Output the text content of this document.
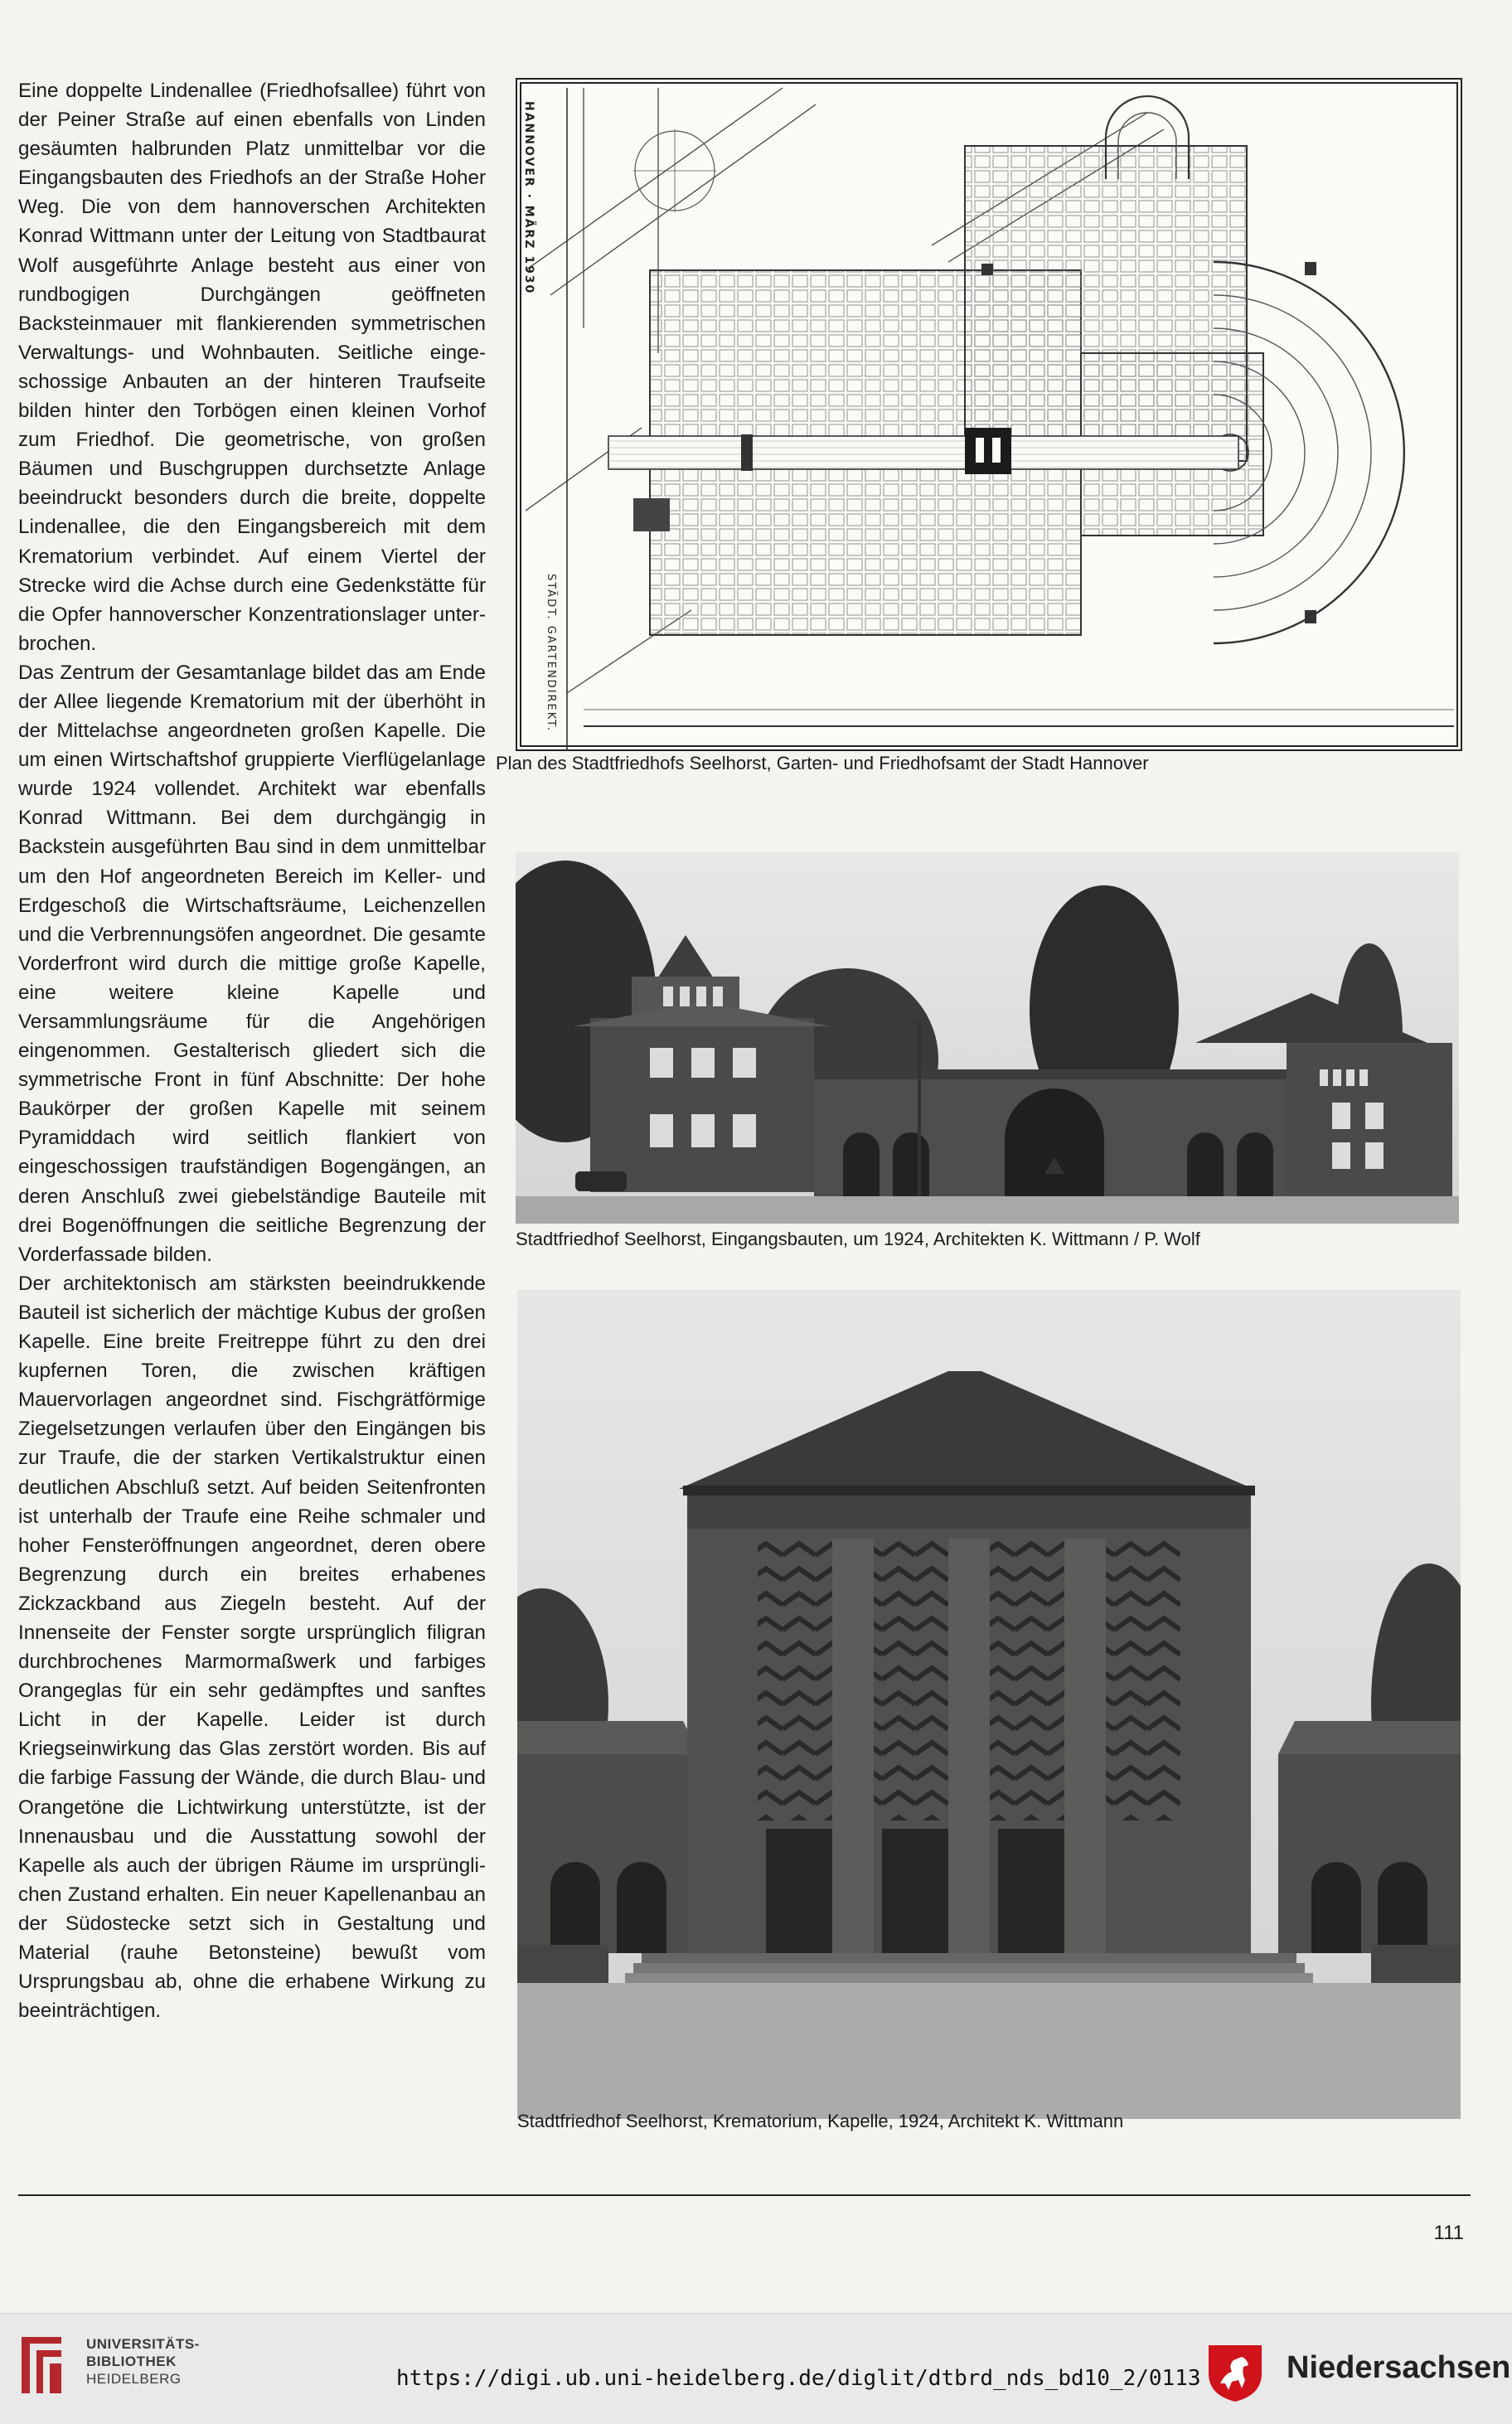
Eine doppelte Lindenallee (Friedhofsallee) führt von der Peiner Straße auf einen ebenfalls von Linden gesäumten halbrunden Platz unmittelbar vor die Eingangsbauten des Friedhofs an der Straße Hoher Weg. Die von dem hannoverschen Architekten Konrad Wittmann unter der Leitung von Stadtbaurat Wolf ausgeführte Anlage besteht aus einer von rundbogigen Durchgängen geöffneten Backsteinmauer mit flankierenden symmetrischen Verwaltungs- und Wohnbauten. Seitliche eingeschossige Anbauten an der hinteren Traufseite bilden hinter den Torbögen einen kleinen Vorhof zum Friedhof. Die geometrische, von großen Bäumen und Buschgruppen durchsetzte Anlage beeindruckt besonders durch die breite, doppelte Lindenallee, die den Eingangsbereich mit dem Krematorium verbindet. Auf einem Viertel der Strecke wird die Achse durch eine Gedenkstätte für die Opfer hannoverscher Konzentrationslager unterbrochen.

Das Zentrum der Gesamtanlage bildet das am Ende der Allee liegende Krematorium mit der überhöht in der Mittelachse angeordneten großen Kapelle. Die um einen Wirtschaftshof gruppierte Vierflügelanlage wurde 1924 vollendet. Architekt war ebenfalls Konrad Wittmann. Bei dem durchgängig in Backstein ausgeführten Bau sind in dem unmittelbar um den Hof angeordneten Bereich im Keller- und Erdgeschoß die Wirtschaftsräume, Leichenzellen und die Verbrennungsöfen angeordnet. Die gesamte Vorderfront wird durch die mittige große Kapelle, eine weitere kleine Kapelle und Versammlungsräume für die Angehörigen eingenommen. Gestalterisch gliedert sich die symmetrische Front in fünf Abschnitte: Der hohe Baukörper der großen Kapelle mit seinem Pyramiddach wird seitlich flankiert von eingeschossigen traufständigen Bogengängen, an deren Anschluß zwei giebelständige Bauteile mit drei Bogenöffnungen die seitliche Begrenzung der Vorderfassade bilden.

Der architektonisch am stärksten beeindrukkende Bauteil ist sicherlich der mächtige Kubus der großen Kapelle. Eine breite Freitreppe führt zu den drei kupfernen Toren, die zwischen kräftigen Mauervorlagen angeordnet sind. Fischgrätförmige Ziegelsetzungen verlaufen über den Eingängen bis zur Traufe, die der starken Vertikalstruktur einen deutlichen Abschluß setzt. Auf beiden Seitenfronten ist unterhalb der Traufe eine Reihe schmaler und hoher Fensteröffnungen angeordnet, deren obere Begrenzung durch ein breites erhabenes Zickzackband aus Ziegeln besteht. Auf der Innenseite der Fenster sorgte ursprünglich filigran durchbrochenes Marmormaßwerk und farbiges Orangeglas für ein sehr gedämpftes und sanftes Licht in der Kapelle. Leider ist durch Kriegseinwirkung das Glas zerstört worden. Bis auf die farbige Fassung der Wände, die durch Blau- und Orangetöne die Lichtwirkung unterstützte, ist der Innenausbau und die Ausstattung sowohl der Kapelle als auch der übrigen Räume im ursprünglichen Zustand erhalten. Ein neuer Kapellenanbau an der Südostecke setzt sich in Gestaltung und Material (rauhe Betonsteine) bewußt vom Ursprungsbau ab, ohne die erhabene Wirkung zu beeinträchtigen.

HANNOVER · MÄRZ 1930
STÄDT. GARTENDIREKT.
Plan des Stadtfriedhofs Seelhorst, Garten- und Friedhofsamt der Stadt Hannover
Stadtfriedhof Seelhorst, Eingangsbauten, um 1924, Architekten K. Wittmann / P. Wolf
Stadtfriedhof Seelhorst, Krematorium, Kapelle, 1924, Architekt K. Wittmann
111
UNIVERSITÄTS-
BIBLIOTHEK
HEIDELBERG	https://digi.ub.uni-heidelberg.de/diglit/dtbrd_nds_bd10_2/0113	Niedersachsen
